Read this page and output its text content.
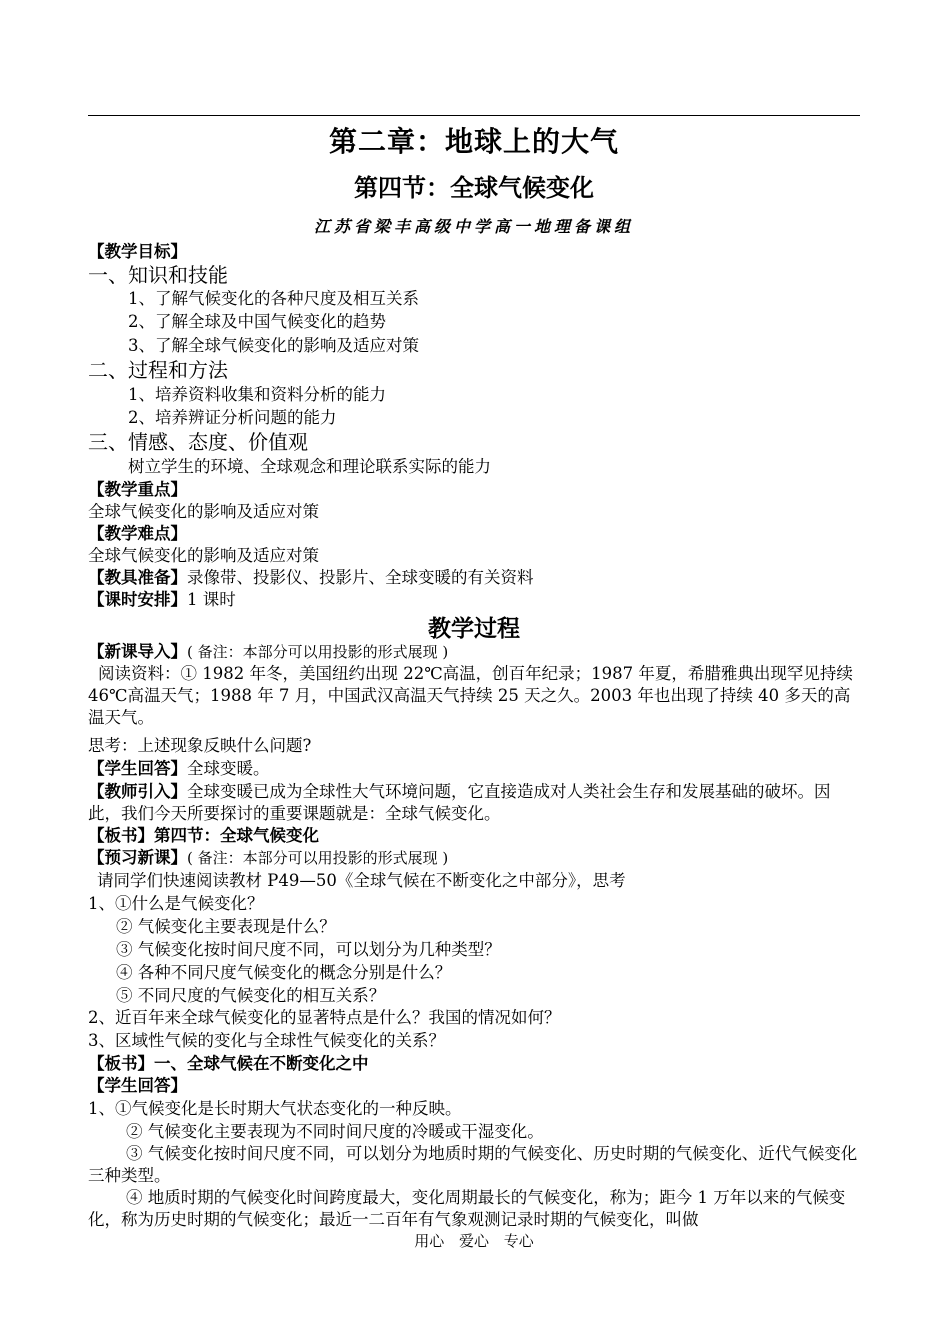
第二章：地球上的大气
第四节：全球气候变化
江苏省梁丰高级中学高一地理备课组
【教学目标】
一、知识和技能
1、了解气候变化的各种尺度及相互关系
2、了解全球及中国气候变化的趋势
3、了解全球气候变化的影响及适应对策
二、过程和方法
1、培养资料收集和资料分析的能力
2、培养辨证分析问题的能力
三、情感、态度、价值观
树立学生的环境、全球观念和理论联系实际的能力
【教学重点】
全球气候变化的影响及适应对策
【教学难点】
全球气候变化的影响及适应对策
【教具准备】录像带、投影仪、投影片、全球变暖的有关资料
【课时安排】1 课时
教学过程
【新课导入】( 备注：本部分可以用投影的形式展现 )
阅读资料：① 1982 年冬，美国纽约出现 22℃高温，创百年纪录；1987 年夏，希腊雅典出现罕见持续 46℃高温天气；1988 年 7 月，中国武汉高温天气持续 25 天之久。2003 年也出现了持续 40 多天的高温天气。
思考：上述现象反映什么问题?
【学生回答】全球变暖。
【教师引入】全球变暖已成为全球性大气环境问题，它直接造成对人类社会生存和发展基础的破坏。因此，我们今天所要探讨的重要课题就是：全球气候变化。
【板书】第四节：全球气候变化
【预习新课】( 备注：本部分可以用投影的形式展现 )
请同学们快速阅读教材 P49—50《全球气候在不断变化之中部分》，思考
1、①什么是气候变化？
② 气候变化主要表现是什么？
③ 气候变化按时间尺度不同，可以划分为几种类型？
④ 各种不同尺度气候变化的概念分别是什么？
⑤ 不同尺度的气候变化的相互关系？
2、近百年来全球气候变化的显著特点是什么？我国的情况如何？
3、区域性气候的变化与全球性气候变化的关系？
【板书】一、全球气候在不断变化之中
【学生回答】
1、①气候变化是长时期大气状态变化的一种反映。
② 气候变化主要表现为不同时间尺度的冷暖或干湿变化。
③ 气候变化按时间尺度不同，可以划分为地质时期的气候变化、历史时期的气候变化、近代气候变化三种类型。
④ 地质时期的气候变化时间跨度最大，变化周期最长的气候变化，称为；距今 1 万年以来的气候变化，称为历史时期的气候变化；最近一二百年有气象观测记录时期的气候变化，叫做
用心 爱心 专心
